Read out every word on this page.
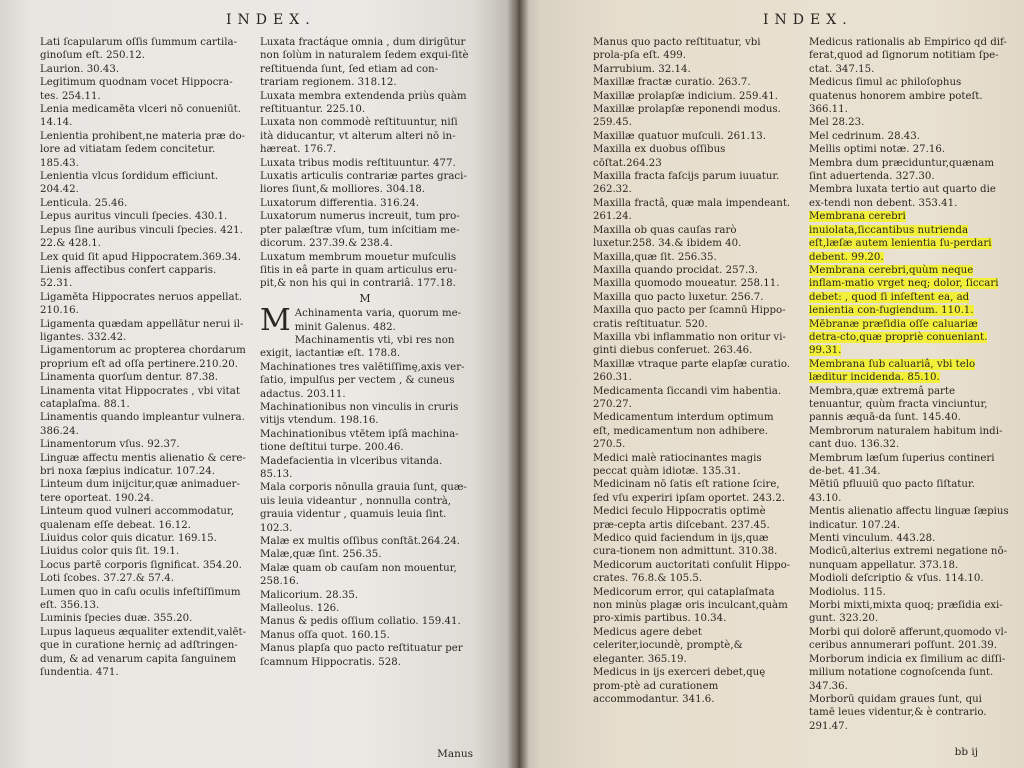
INDEX.

Lati ſcapularum oſſis ſummum cartila-ginoſum eſt. 250.12.

Laurion. 30.43.

Legitimum quodnam vocet Hippocra-tes. 254.11.

Lenia medicamēta vlceri nō conueniūt. 14.14.

Lenientia prohibent,ne materia præ do-lore ad vitiatam ſedem concitetur. 185.43.

Lenientia vlcus ſordidum efficiunt. 204.42.

Lenticula. 25.46.

Lepus auritus vinculi ſpecies. 430.1.

Lepus ſine auribus vinculi ſpecies. 421. 22.& 428.1.

Lex quid ſit apud Hippocratem.369.34.

Lienis affectibus confert capparis. 52.31.

Ligamēta Hippocrates neruos appellat. 210.16.

Ligamenta quædam appellātur nerui il-ligantes. 332.42.

Ligamentorum ac propterea chordarum proprium eſt ad oſſa pertinere.210.20.

Linamenta quorſum dentur. 87.38.

Linamenta vitat Hippocrates , vbi vitat cataplaſma. 88.1.

Linamentis quando impleantur vulnera. 386.24.

Linamentorum vſus. 92.37.

Linguæ affectu mentis alienatio & cere-bri noxa ſæpius indicatur. 107.24.

Linteum dum inijcitur,quæ animaduer-tere oporteat. 190.24.

Linteum quod vulneri accommodatur, qualenam eſſe debeat. 16.12.

Liuidus color quis dicatur. 169.15.

Liuidus color quis ſit. 19.1.

Locus partē corporis ſignificat. 354.20.

Loti ſcobes. 37.27.& 57.4.

Lumen quo in caſu oculis infeſtiſſimum eſt. 356.13.

Luminis ſpecies duæ. 355.20.

Lupus laqueus æqualiter extendit,valēt-que in curatione herniç ad adſtringen-dum, & ad venarum capita ſanguinem ſundentia. 471.

Luxata fractáque omnia , dum dirigūtur non ſolùm in naturalem ſedem exqui-ſitè reſtituenda ſunt, ſed etiam ad con-trariam regionem. 318.12.

Luxata membra extendenda priùs quàm reſtituantur. 225.10.

Luxata non commodè reſtituuntur, niſi ità diducantur, vt alterum alteri nō in-hæreat. 176.7.

Luxata tribus modis reſtituuntur. 477.

Luxatis articulis contrariæ partes graci-liores ſiunt,& molliores. 304.18.

Luxatorum differentia. 316.24.

Luxatorum numerus increuit, tum pro-pter palæſtræ vſum, tum inſcitiam me-dicorum. 237.39.& 238.4.

Luxatum membrum mouetur muſculis ſitis in eâ parte in quam articulus eru-pit,& non his qui in contrariâ. 177.18.

M

M Achinamenta varia, quorum me-minit Galenus. 482.

Machinamentis vti, vbi res non exigit, iactantiæ eſt. 178.8.

Machinationes tres valētiſſimę,axis ver-ſatio, impulſus per vectem , & cuneus adactus. 203.11.

Machinationibus non vinculis in cruris vitijs vtendum. 198.16.

Machinationibus vtētem ipſâ machina-tione deſtitui turpe. 200.46.

Madefacientia in vlceribus vitanda. 85.13.

Mala corporis nōnulla grauia ſunt, quæ-uis leuia videantur , nonnulla contrà, grauia videntur , quamuis leuia ſint. 102.3.

Malæ ex multis oſſibus conſtāt.264.24.

Malæ,quæ ſint. 256.35.

Malæ quam ob cauſam non mouentur, 258.16.

Malicorium. 28.35.

Malleolus. 126.

Manus & pedis oſſium collatio. 159.41.

Manus oſſa quot. 160.15.

Manus plapſa quo pacto reſtituatur per ſcamnum Hippocratis. 528.

Manus
INDEX.

Manus quo pacto reſtituatur, vbi prola-pſa eſt. 499.

Marrubium. 32.14.

Maxillæ fractæ curatio. 263.7.

Maxillæ prolapſæ indicium. 259.41.

Maxillæ prolapſæ reponendi modus. 259.45.

Maxillæ quatuor muſculi. 261.13.

Maxilla ex duobus oſſibus cōſtat.264.23

Maxilla fracta faſcijs parum iuuatur. 262.32.

Maxilla fractâ, quæ mala impendeant. 261.24.

Maxilla ob quas cauſas rarò luxetur.258. 34.& ibidem 40.

Maxilla,quæ ſit. 256.35.

Maxilla quando procidat. 257.3.

Maxilla quomodo moueatur. 258.11.

Maxilla quo pacto luxetur. 256.7.

Maxilla quo pacto per ſcamnū Hippo-cratis reſtituatur. 520.

Maxilla vbi inflammatio non oritur vi-ginti diebus conferuet. 263.46.

Maxillæ vtraque parte elapſæ curatio. 260.31.

Medicamenta ſiccandi vim habentia. 270.27.

Medicamentum interdum optimum eſt, medicamentum non adhibere. 270.5.

Medici malè ratiocinantes magis peccat quàm idiotæ. 135.31.

Medicinam nō ſatis eſt ratione ſcire, ſed vſu experiri ipſam oportet. 243.2.

Medici ſeculo Hippocratis optimè præ-cepta artis diſcebant. 237.45.

Medico quid faciendum in ijs,quæ cura-tionem non admittunt. 310.38.

Medicorum auctoritati conſulit Hippo-crates. 76.8.& 105.5.

Medicorum error, qui cataplaſmata non minùs plagæ oris inculcant,quàm pro-ximis partibus. 10.34.

Medicus agere debet celeriter,iocundè, promptè,& eleganter. 365.19.

Medicus in ijs exerceri debet,quę prom-ptè ad curationem accommodantur. 341.6.

Medicus rationalis ab Empirico qd dif-ferat,quod ad ſignorum notitiam ſpe-ctat. 347.15.

Medicus ſimul ac philoſophus quatenus honorem ambire poteſt. 366.11.

Mel 28.23.

Mel cedrinum. 28.43.

Mellis optimi notæ. 27.16.

Membra dum præciduntur,quænam ſint aduertenda. 327.30.

Membra luxata tertio aut quarto die ex-tendi non debent. 353.41.

Membrana cerebri inuiolata,ſiccantibus nutrienda eſt,læſæ autem lenientia ſu-perdari debent. 99.20.

Membrana cerebri,quùm neque inflam-matio vrget neq; dolor, ſiccari debet: , quod ſi inſeſtent ea, ad lenientia con-fugiendum. 110.1.

Mēbranæ præſidia oſſe caluariæ detra-cto,quæ propriè conueniant. 99.31.

Membrana ſub caluariâ, vbi telo læditur incidenda. 85.10.

Membra,quæ extremâ parte tenuantur, quùm fracta vinciuntur, pannis æquā-da ſunt. 145.40.

Membrorum naturalem habitum indi-cant duo. 136.32.

Membrum læſum ſuperius contineri de-bet. 41.34.

Mētiū pfluuiū quo pacto ſiſtatur. 43.10.

Mentis alienatio affectu linguæ ſæpius indicatur. 107.24.

Menti vinculum. 443.28.

Modicū,alterius extremi negatione nō-nunquam appellatur. 373.18.

Modioli deſcriptio & vſus. 114.10.

Modiolus. 115.

Morbi mixti,mixta quoq; præſidia exi-gunt. 323.20.

Morbi qui dolorē afferunt,quomodo vl-ceribus annumerari poſſunt. 201.39.

Morborum indicia ex ſimilium ac diſſi-milium notatione cognoſcenda ſunt. 347.36.

Morborū quidam graues ſunt, qui tamē leues videntur,& è contrario. 291.47.

bb ij
